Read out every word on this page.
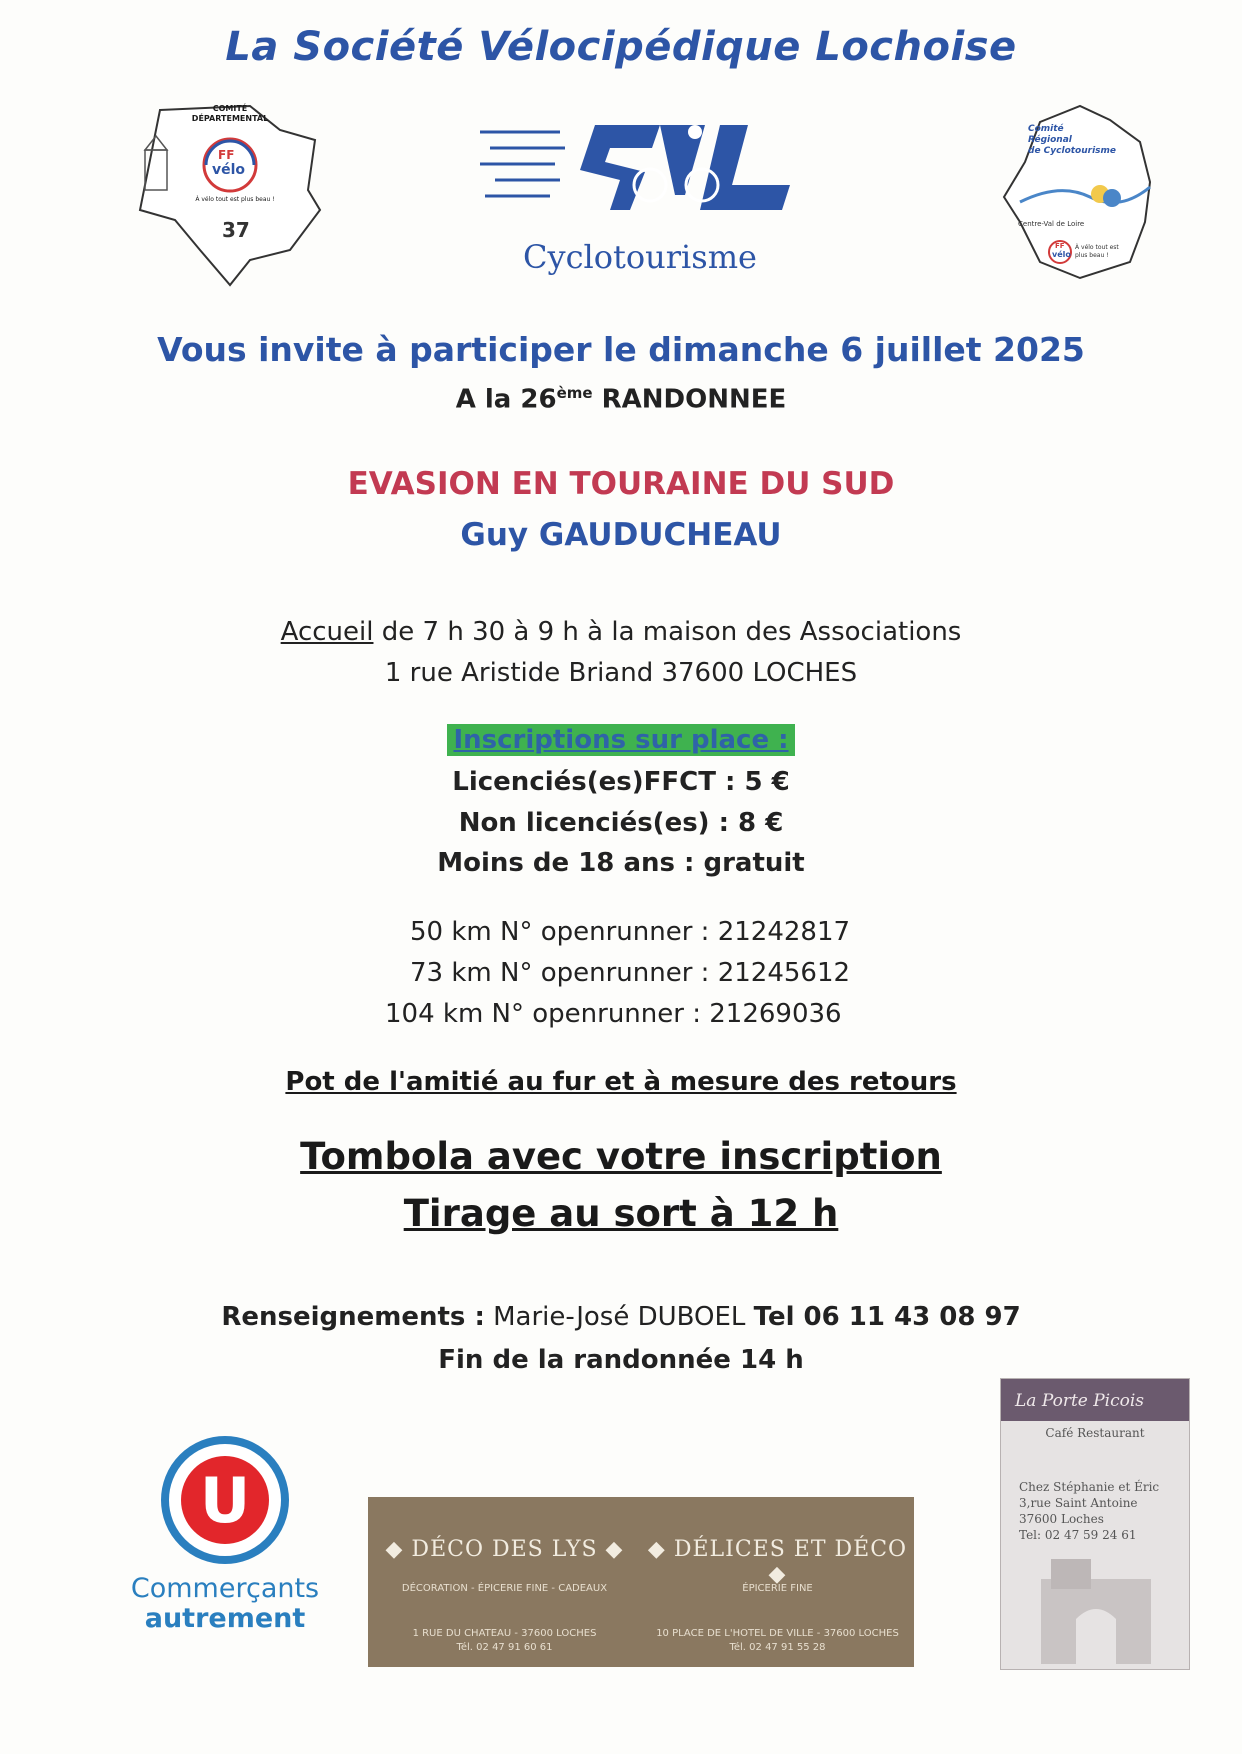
La Société Vélocipédique Lochoise
COMITÉ
DÉPARTEMENTAL
FF
vélo
À vélo tout est plus beau !
37
Cyclotourisme
Comité
Régional
de Cyclotourisme
Centre-Val de Loire
FF
vélo
À vélo tout est plus beau !
Vous invite à participer le dimanche 6 juillet 2025
A la 26ème RANDONNEE
EVASION EN TOURAINE DU SUD
Guy GAUDUCHEAU
Accueil de 7 h 30 à 9 h à la maison des Associations
1 rue Aristide Briand 37600 LOCHES
Inscriptions sur place :
Licenciés(es)FFCT : 5 €
Non licenciés(es) : 8 €
Moins de 18 ans : gratuit
50 km N° openrunner : 21242817
73 km N° openrunner : 21245612
104 km N° openrunner : 21269036
Pot de l'amitié au fur et à mesure des retours
Tombola avec votre inscription
Tirage au sort à 12 h
Renseignements : Marie-José DUBOEL Tel 06 11 43 08 97
Fin de la randonnée 14 h
U
Commerçants
autrement
◆ DÉCO DES LYS ◆
DÉCORATION - ÉPICERIE FINE - CADEAUX
1 RUE DU CHATEAU - 37600 LOCHES
Tél. 02 47 91 60 61
◆ DÉLICES ET DÉCO ◆
ÉPICERIE FINE
10 PLACE DE L'HOTEL DE VILLE - 37600 LOCHES
Tél. 02 47 91 55 28
La Porte Picois
Café Restaurant
Chez Stéphanie et Éric
3,rue Saint Antoine
37600 Loches
Tel: 02 47 59 24 61
